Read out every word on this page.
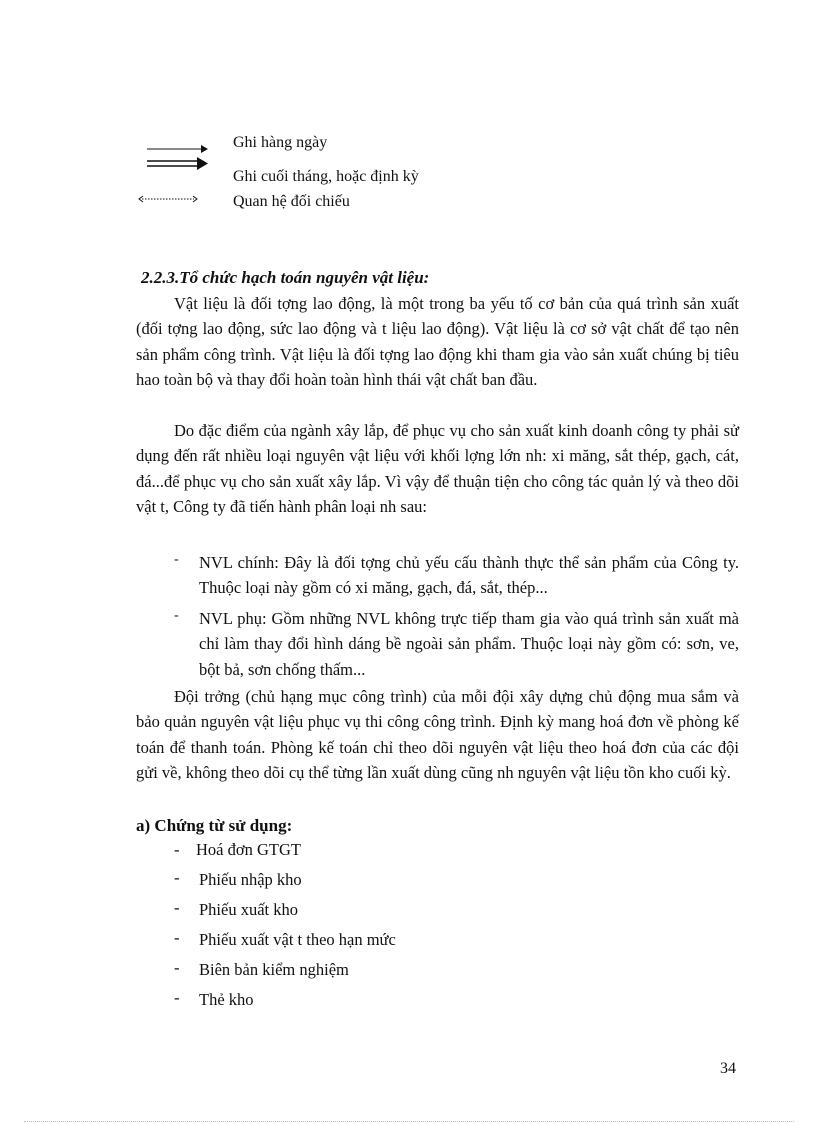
Ghi hàng ngày
Ghi cuối tháng, hoặc định kỳ
Quan hệ đối chiếu
2.2.3.Tổ chức hạch toán nguyên vật liệu:

Vật liệu là đối tợng lao động, là một trong ba yếu tố cơ bản của quá trình sản xuất (đối tợng lao động, sức lao động và t liệu lao động). Vật liệu là cơ sở vật chất để tạo nên sản phẩm công trình. Vật liệu là đối tợng lao động khi tham gia vào sản xuất chúng bị tiêu hao toàn bộ và thay đổi hoàn toàn hình thái vật chất ban đầu.

Do đặc điểm của ngành xây lắp, để phục vụ cho sản xuất kinh doanh công ty phải sử dụng đến rất nhiều loại nguyên vật liệu với khối lợng lớn nh: xi măng, sắt thép, gạch, cát, đá...để phục vụ cho sản xuất xây lắp. Vì vậy để thuận tiện cho công tác quản lý và theo dõi vật t, Công ty đã tiến hành phân loại nh sau:

- NVL chính: Đây là đối tợng chủ yếu cấu thành thực thể sản phẩm của Công ty. Thuộc loại này gồm có xi măng, gạch, đá, sắt, thép...

- NVL phụ: Gồm những NVL không trực tiếp tham gia vào quá trình sản xuất mà chỉ làm thay đổi hình dáng bề ngoài sản phẩm. Thuộc loại này gồm có: sơn, ve, bột bả, sơn chống thấm...

Đội trởng (chủ hạng mục công trình) của mỗi đội xây dựng chủ động mua sắm và bảo quản nguyên vật liệu phục vụ thi công công trình. Định kỳ mang hoá đơn về phòng kế toán để thanh toán. Phòng kế toán chỉ theo dõi nguyên vật liệu theo hoá đơn của các đội gửi về, không theo dõi cụ thể từng lần xuất dùng cũng nh nguyên vật liệu tồn kho cuối kỳ.

a) Chứng từ sử dụng:
- Hoá đơn GTGT
- Phiếu nhập kho
- Phiếu xuất kho
- Phiếu xuất vật t theo hạn mức
- Biên bản kiểm nghiệm
- Thẻ kho
34
